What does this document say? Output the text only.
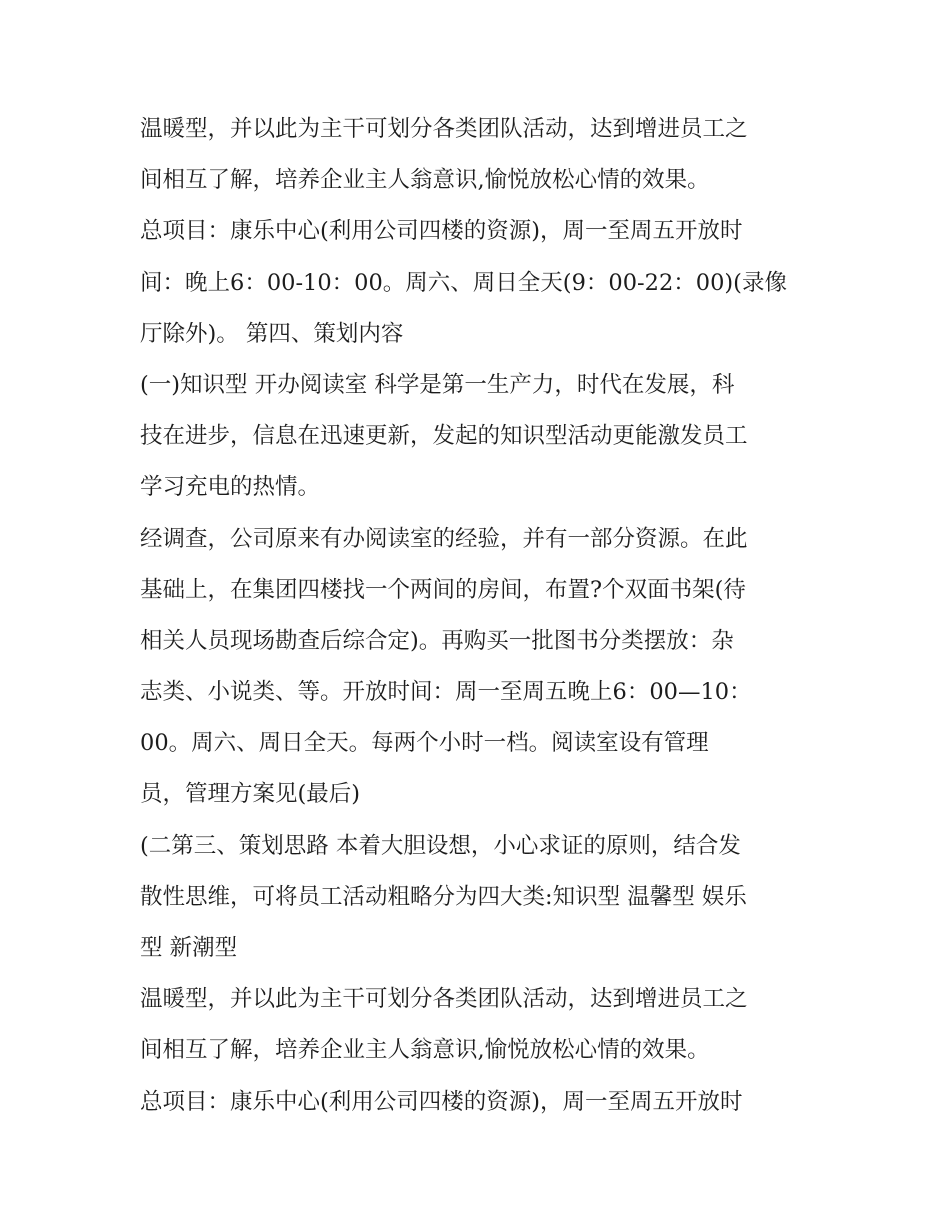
温暖型，并以此为主干可划分各类团队活动，达到增进员工之
间相互了解，培养企业主人翁意识,愉悦放松心情的效果。
总项目：康乐中心(利用公司四楼的资源)，周一至周五开放时
间：晚上6：00-10：00。周六、周日全天(9：00-22：00)(录像
厅除外)。 第四、策划内容
(一)知识型 开办阅读室 科学是第一生产力，时代在发展，科
技在进步，信息在迅速更新，发起的知识型活动更能激发员工
学习充电的热情。
经调查，公司原来有办阅读室的经验，并有一部分资源。在此
基础上，在集团四楼找一个两间的房间，布置?个双面书架(待
相关人员现场勘查后综合定)。再购买一批图书分类摆放：杂
志类、小说类、等。开放时间：周一至周五晚上6：00—10：
00。周六、周日全天。每两个小时一档。阅读室设有管理
员，管理方案见(最后)
(二第三、策划思路 本着大胆设想，小心求证的原则，结合发
散性思维，可将员工活动粗略分为四大类:知识型 温馨型 娱乐
型 新潮型
温暖型，并以此为主干可划分各类团队活动，达到增进员工之
间相互了解，培养企业主人翁意识,愉悦放松心情的效果。
总项目：康乐中心(利用公司四楼的资源)，周一至周五开放时
